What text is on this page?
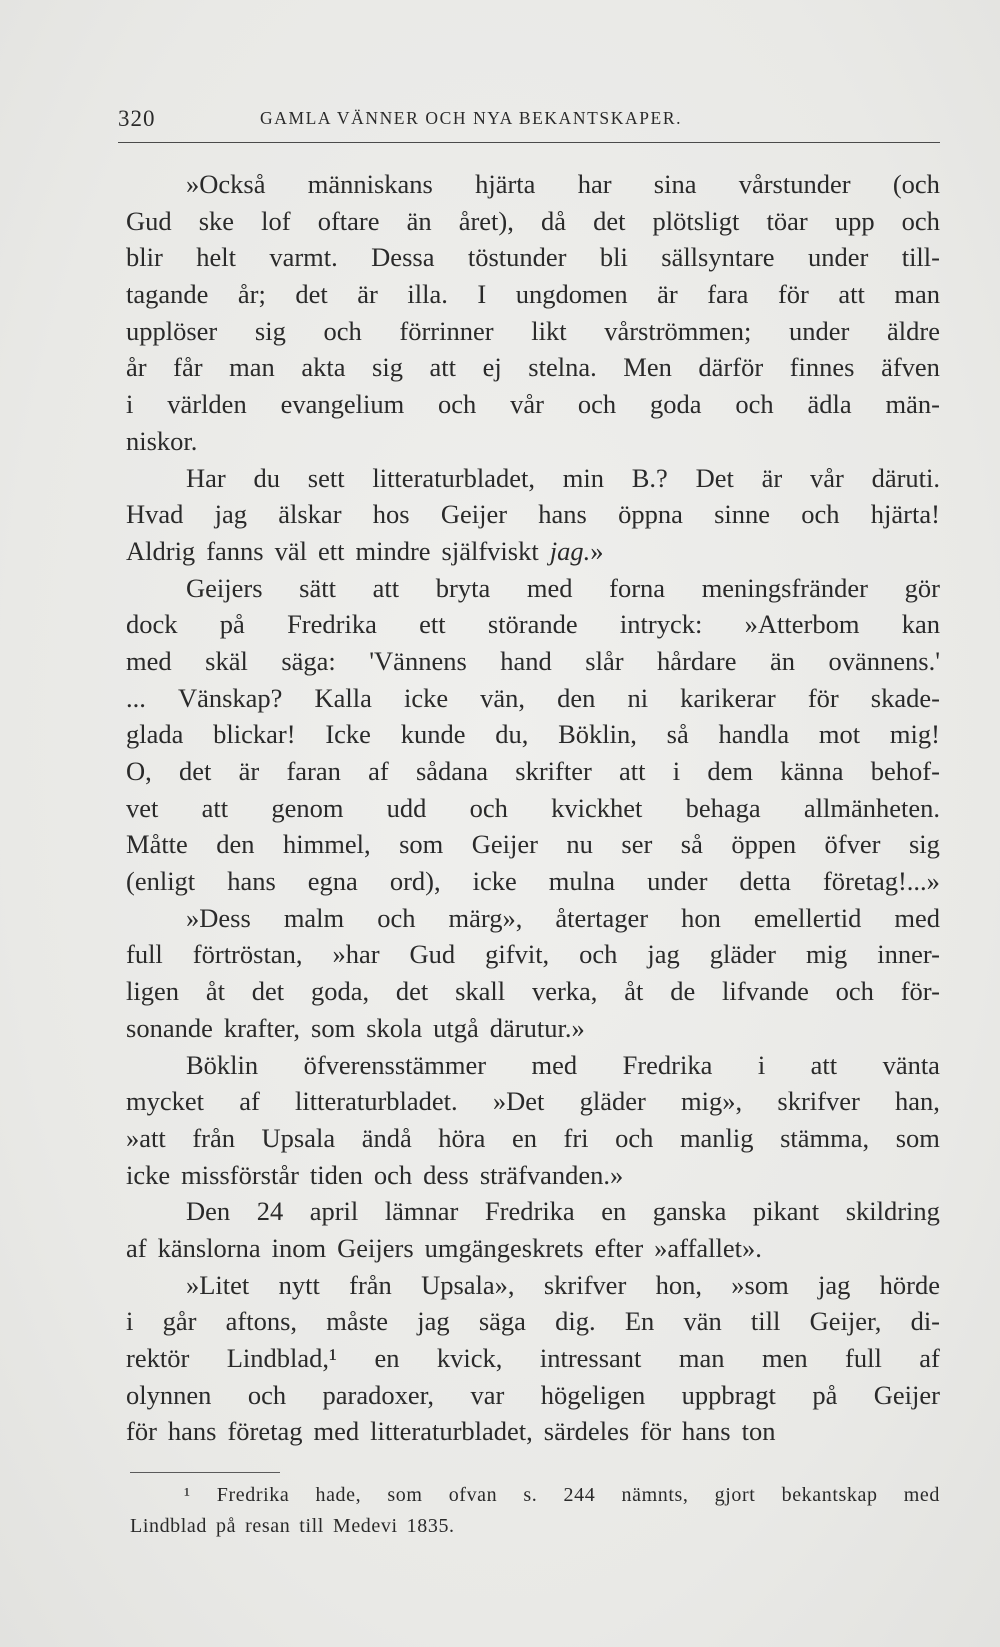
320	GAMLA VÄNNER OCH NYA BEKANTSKAPER.
»Också människans hjärta har sina vårstunder (och
Gud ske lof oftare än året), då det plötsligt töar upp och
blir helt varmt. Dessa töstunder bli sällsyntare under till-
tagande år; det är illa. I ungdomen är fara för att man
upplöser sig och förrinner likt vårströmmen; under äldre
år får man akta sig att ej stelna. Men därför finnes äfven
i världen evangelium och vår och goda och ädla män-
niskor.
Har du sett litteraturbladet, min B.? Det är vår däruti.
Hvad jag älskar hos Geijer hans öppna sinne och hjärta!
Aldrig fanns väl ett mindre själfviskt jag.»
Geijers sätt att bryta med forna meningsfränder gör
dock på Fredrika ett störande intryck: »Atterbom kan
med skäl säga: 'Vännens hand slår hårdare än ovännens.'
... Vänskap? Kalla icke vän, den ni karikerar för skade-
glada blickar! Icke kunde du, Böklin, så handla mot mig!
O, det är faran af sådana skrifter att i dem känna behof-
vet att genom udd och kvickhet behaga allmänheten.
Måtte den himmel, som Geijer nu ser så öppen öfver sig
(enligt hans egna ord), icke mulna under detta företag!...»
»Dess malm och märg», återtager hon emellertid med
full förtröstan, »har Gud gifvit, och jag gläder mig inner-
ligen åt det goda, det skall verka, åt de lifvande och för-
sonande krafter, som skola utgå därutur.»
Böklin öfverensstämmer med Fredrika i att vänta
mycket af litteraturbladet. »Det gläder mig», skrifver han,
»att från Upsala ändå höra en fri och manlig stämma, som
icke missförstår tiden och dess sträfvanden.»
Den 24 april lämnar Fredrika en ganska pikant skildring
af känslorna inom Geijers umgängeskrets efter »affallet».
»Litet nytt från Upsala», skrifver hon, »som jag hörde
i går aftons, måste jag säga dig. En vän till Geijer, di-
rektör Lindblad,¹ en kvick, intressant man men full af
olynnen och paradoxer, var högeligen uppbragt på Geijer
för hans företag med litteraturbladet, särdeles för hans ton
¹ Fredrika hade, som ofvan s. 244 nämnts, gjort bekantskap med
Lindblad på resan till Medevi 1835.
